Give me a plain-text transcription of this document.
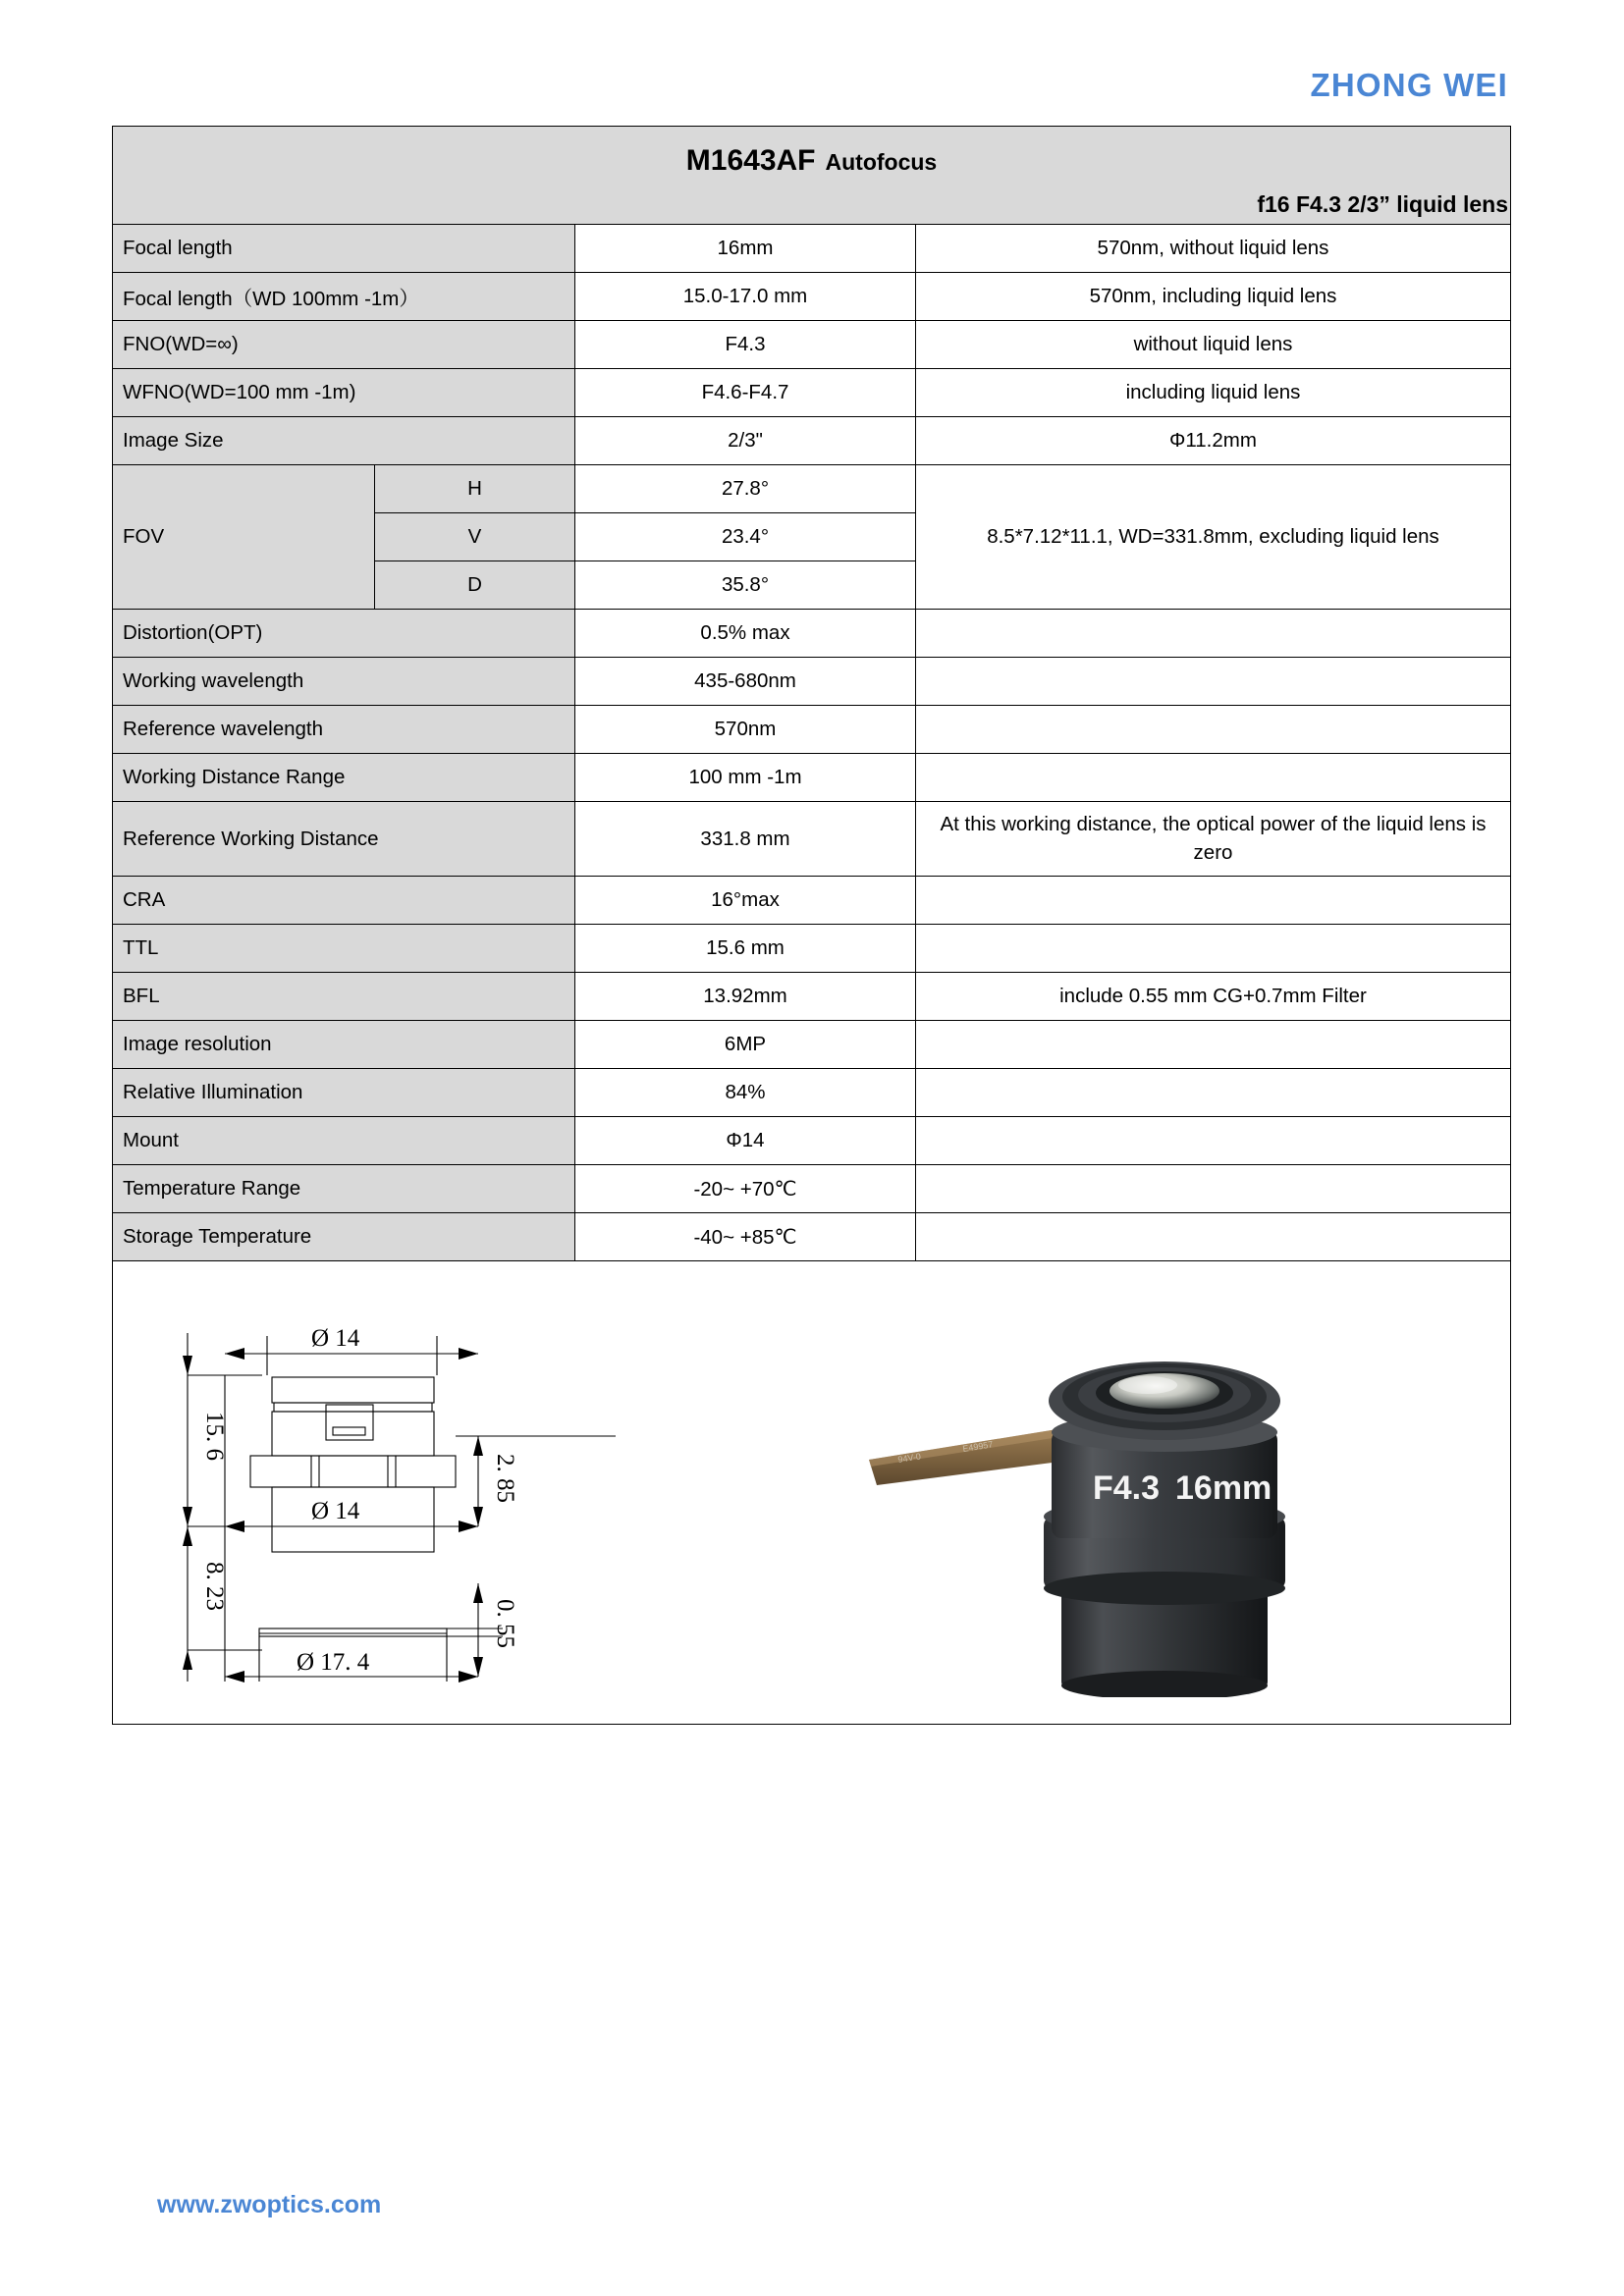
ZHONG WEI
M1643AF Autofocus
f16 F4.3 2/3” liquid lens			

Focal length		16mm	570nm, without liquid lens
Focal length（WD 100mm -1m）		15.0-17.0 mm	570nm, including liquid lens
FNO(WD=∞)		F4.3	without liquid lens
WFNO(WD=100 mm -1m)		F4.6-F4.7	including liquid lens
Image Size		2/3"	Φ11.2mm
FOV	H	27.8°	8.5*7.12*11.1, WD=331.8mm, excluding liquid lens
	V	23.4°	
	D	35.8°	
Distortion(OPT)		0.5% max	
Working wavelength		435-680nm	
Reference wavelength		570nm	
Working Distance Range		100 mm -1m	
Reference Working Distance		331.8 mm	At this working distance, the optical power of the liquid lens is zero
CRA		16°max	
TTL		15.6 mm	
BFL		13.92mm	include 0.55 mm CG+0.7mm Filter
Image resolution		6MP	
Relative Illumination		84%	
Mount		Φ14	
Temperature Range		-20~ +70℃	
Storage Temperature		-40~ +85℃	

Ø 14
Ø 14
Ø 17. 4
15. 6
8. 23
2. 85
0. 55
94V-0
E49957
F4.3 16mm
www.zwoptics.com
